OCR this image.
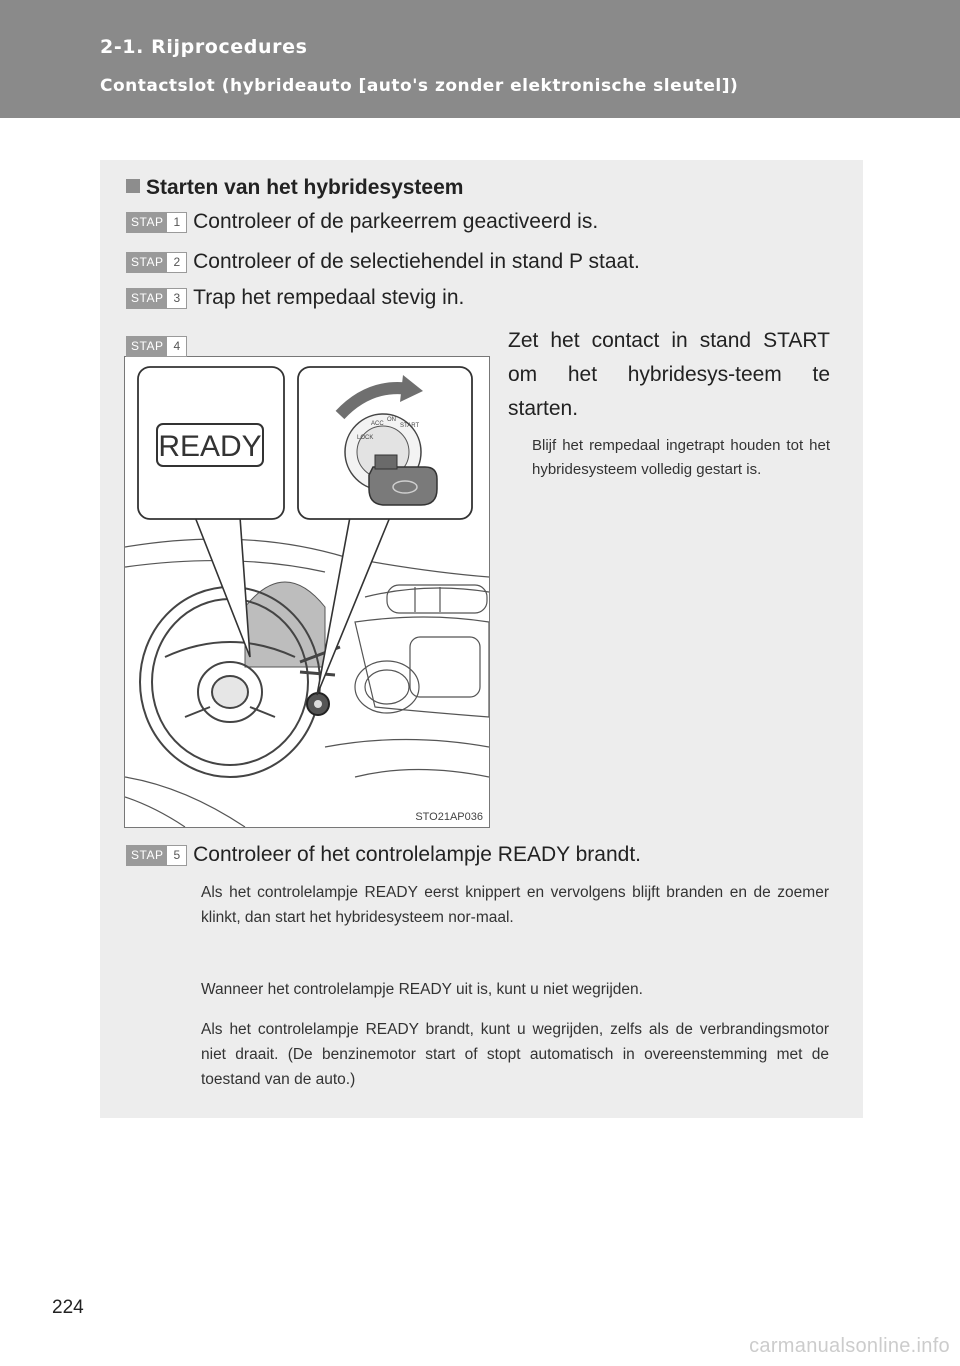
2-1. Rijprocedures
Contactslot (hybrideauto [auto's zonder elektronische sleutel])
Starten van het hybridesysteem
STAP 1 Controleer of de parkeerrem geactiveerd is.
STAP 2 Controleer of de selectiehendel in stand P staat.
STAP 3 Trap het rempedaal stevig in.
READY	LOCK
ACC
ON
START
STO21AP036
STAP 4	Zet het contact in stand START om het hybridesys-teem te starten.
Blijf het rempedaal ingetrapt houden tot het hybridesysteem volledig gestart is.
STAP 5 Controleer of het controlelampje READY brandt.
Als het controlelampje READY eerst knippert en vervolgens blijft branden en de zoemer klinkt, dan start het hybridesysteem nor-maal.
Wanneer het controlelampje READY uit is, kunt u niet wegrijden.
Als het controlelampje READY brandt, kunt u wegrijden, zelfs als de verbrandingsmotor niet draait. (De benzinemotor start of stopt automatisch in overeenstemming met de toestand van de auto.)
224
carmanualsonline.info
